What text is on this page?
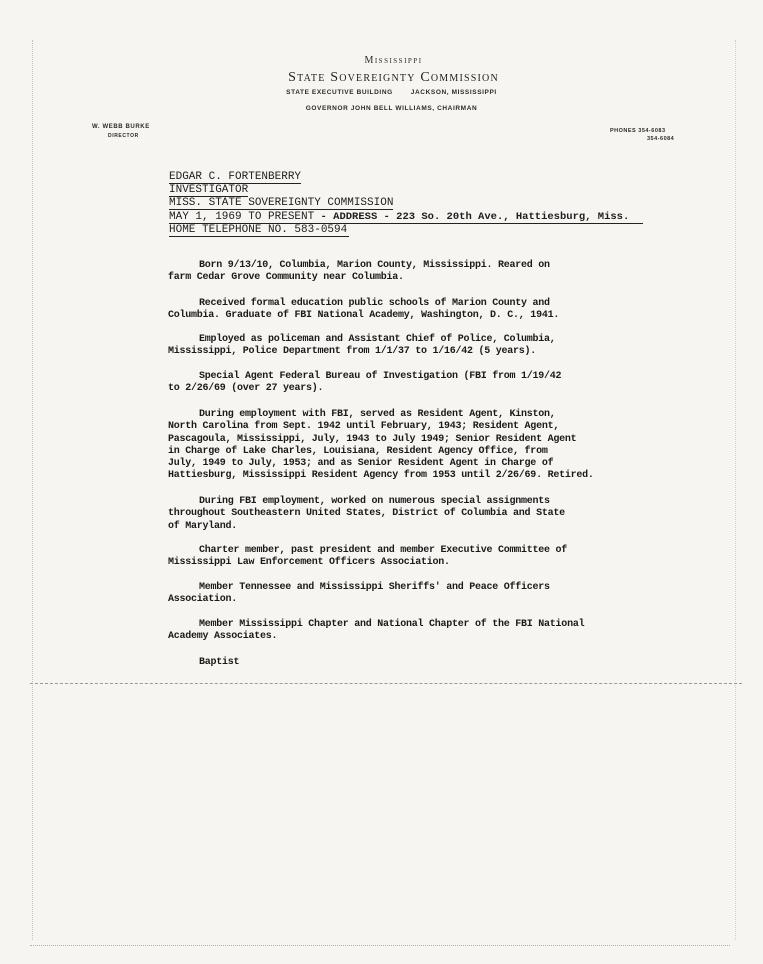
Mississippi
State Sovereignty Commission
STATE EXECUTIVE BUILDING	JACKSON, MISSISSIPPI
GOVERNOR JOHN BELL WILLIAMS, CHAIRMAN
W. WEBB BURKE
DIRECTOR
PHONES 354-6083
354-6084
EDGAR C. FORTENBERRY
INVESTIGATOR
MISS. STATE SOVEREIGNTY COMMISSION
MAY 1, 1969 TO PRESENT - ADDRESS - 223 So. 20th Ave., Hattiesburg, Miss.
HOME TELEPHONE NO. 583-0594
Born 9/13/10, Columbia, Marion County, Mississippi. Reared on
farm Cedar Grove Community near Columbia.
Received formal education public schools of Marion County and
Columbia. Graduate of FBI National Academy, Washington, D. C., 1941.
Employed as policeman and Assistant Chief of Police, Columbia,
Mississippi, Police Department from 1/1/37 to 1/16/42 (5 years).
Special Agent Federal Bureau of Investigation (FBI from 1/19/42
to 2/26/69 (over 27 years).
During employment with FBI, served as Resident Agent, Kinston,
North Carolina from Sept. 1942 until February, 1943; Resident Agent,
Pascagoula, Mississippi, July, 1943 to July 1949; Senior Resident Agent
in Charge of Lake Charles, Louisiana, Resident Agency Office, from
July, 1949 to July, 1953; and as Senior Resident Agent in Charge of
Hattiesburg, Mississippi Resident Agency from 1953 until 2/26/69. Retired.
During FBI employment, worked on numerous special assignments
throughout Southeastern United States, District of Columbia and State
of Maryland.
Charter member, past president and member Executive Committee of
Mississippi Law Enforcement Officers Association.
Member Tennessee and Mississippi Sheriffs' and Peace Officers
Association.
Member Mississippi Chapter and National Chapter of the FBI National
Academy Associates.
Baptist
